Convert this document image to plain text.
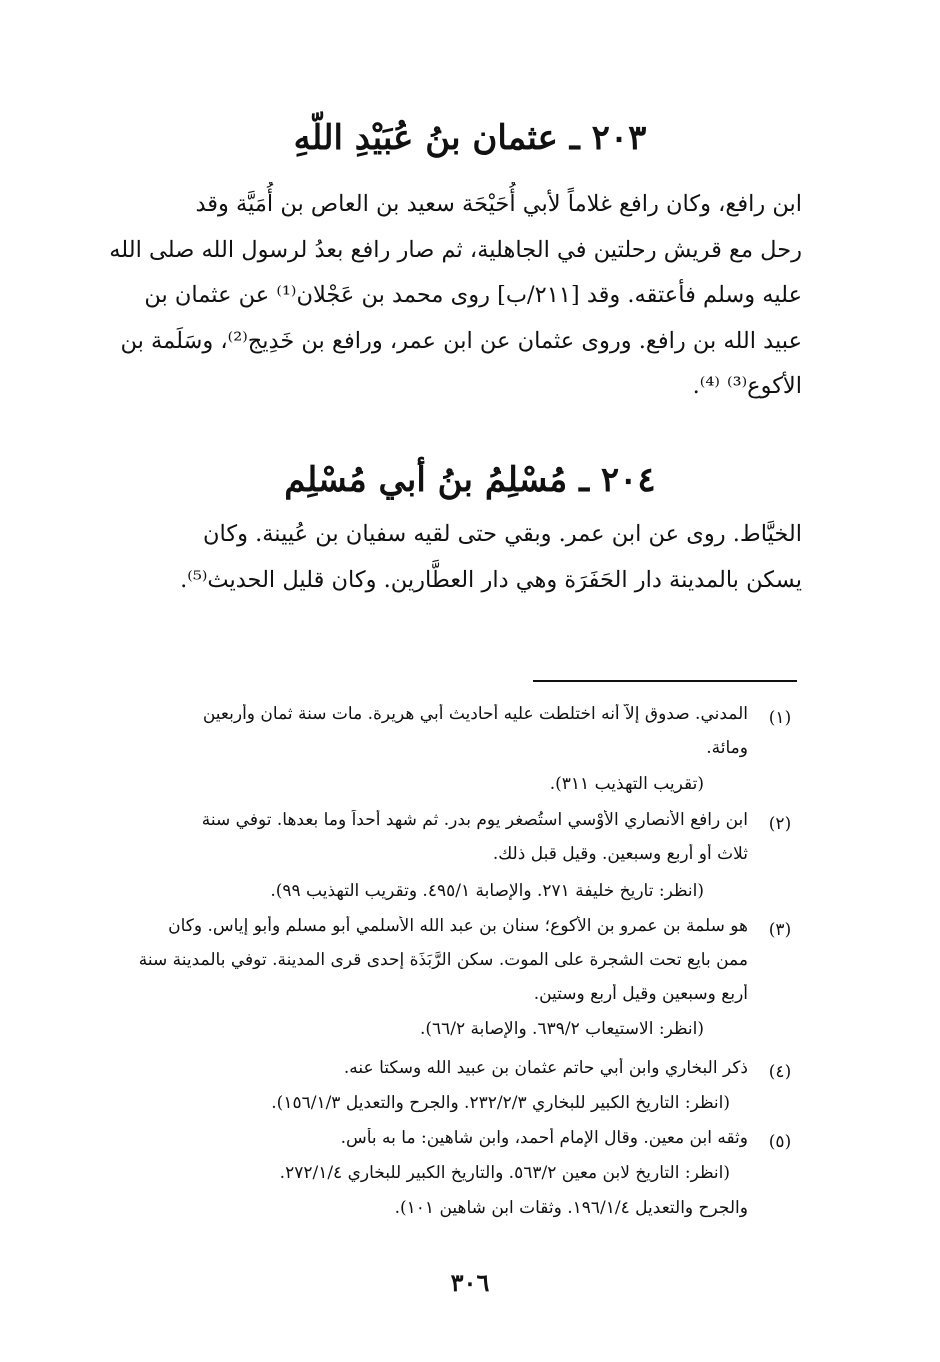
٢٠٣ ـ عثمان بنُ عُبَيْدِ اللّهِ
ابن رافع، وكان رافع غلاماً لأبي أُحَيْحَة سعيد بن العاص بن أُمَيَّة وقد
رحل مع قريش رحلتين في الجاهلية، ثم صار رافع بعدُ لرسول الله صلى الله
عليه وسلم فأعتقه. وقد [٢١١/ب] روى محمد بن عَجْلان⁽¹⁾ عن عثمان بن
عبيد الله بن رافع. وروى عثمان عن ابن عمر، ورافع بن خَدِيج⁽²⁾، وسَلَمة بن
الأكوع⁽³⁾ ⁽⁴⁾.
٢٠٤ ـ مُسْلِمُ بنُ أبي مُسْلِم
الخيَّاط. روى عن ابن عمر. وبقي حتى لقيه سفيان بن عُيينة. وكان
يسكن بالمدينة دار الحَفَرَة وهي دار العطَّارين. وكان قليل الحديث⁽⁵⁾.
(١)
المدني. صدوق إلاّ أنه اختلطت عليه أحاديث أبي هريرة. مات سنة ثمان وأربعين
ومائة.
(تقريب التهذيب ٣١١).
(٢)
ابن رافع الأنصاري الأوْسي استُصغر يوم بدر. ثم شهد أحداً وما بعدها. توفي سنة
ثلاث أو أربع وسبعين. وقيل قبل ذلك.
(انظر: تاريخ خليفة ٢٧١. والإصابة ٤٩٥/١. وتقريب التهذيب ٩٩).
(٣)
هو سلمة بن عمرو بن الأكوع؛ سنان بن عبد الله الأسلمي أبو مسلم وأبو إياس. وكان
ممن بايع تحت الشجرة على الموت. سكن الرَّبَذَة إحدى قرى المدينة. توفي بالمدينة سنة
أربع وسبعين وقيل أربع وستين.
(انظر: الاستيعاب ٦٣٩/٢. والإصابة ٦٦/٢).
(٤)
ذكر البخاري وابن أبي حاتم عثمان بن عبيد الله وسكتا عنه.
(انظر: التاريخ الكبير للبخاري ٢٣٢/٢/٣. والجرح والتعديل ١٥٦/١/٣).
(٥)
وثقه ابن معين. وقال الإمام أحمد، وابن شاهين: ما به بأس.
(انظر: التاريخ لابن معين ٥٦٣/٢. والتاريخ الكبير للبخاري ٢٧٢/١/٤.
والجرح والتعديل ١٩٦/١/٤. وثقات ابن شاهين ١٠١).
٣٠٦
